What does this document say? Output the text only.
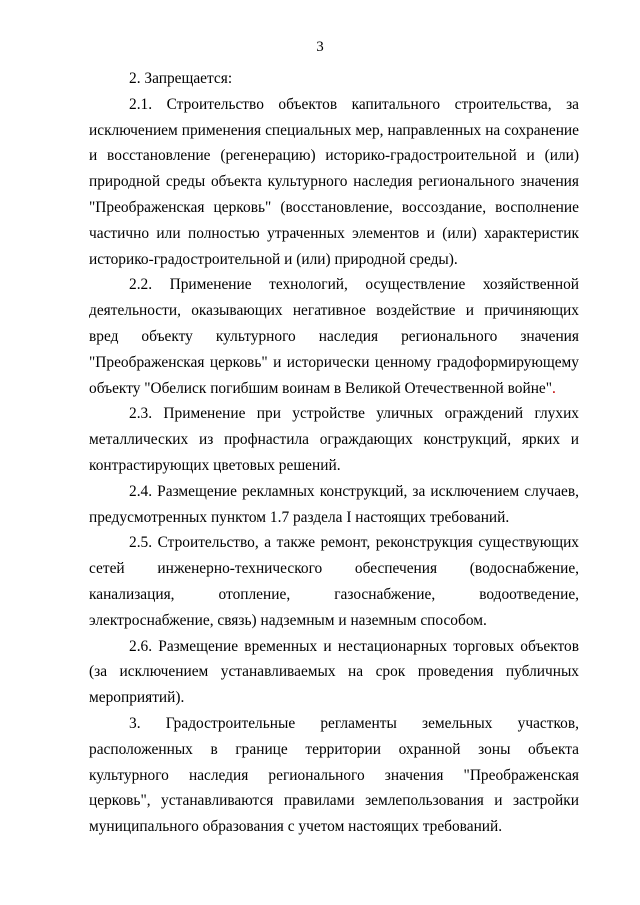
3

2. Запрещается:

2.1. Строительство объектов капитального строительства, за исключением применения специальных мер, направленных на сохранение и восстановление (регенерацию) историко-градостроительной и (или) природной среды объекта культурного наследия регионального значения "Преображенская церковь" (восстановление, воссоздание, восполнение частично или полностью утраченных элементов и (или) характеристик историко-градостроительной и (или) природной среды).

2.2. Применение технологий, осуществление хозяйственной деятельности, оказывающих негативное воздействие и причиняющих вред объекту культурного наследия регионального значения "Преображенская церковь" и исторически ценному градоформирующему объекту "Обелиск погибшим воинам в Великой Отечественной войне".

2.3. Применение при устройстве уличных ограждений глухих металлических из профнастила ограждающих конструкций, ярких и контрастирующих цветовых решений.

2.4. Размещение рекламных конструкций, за исключением случаев, предусмотренных пунктом 1.7 раздела I настоящих требований.

2.5. Строительство, а также ремонт, реконструкция существующих сетей инженерно-технического обеспечения (водоснабжение, канализация, отопление, газоснабжение, водоотведение, электроснабжение, связь) надземным и наземным способом.

2.6. Размещение временных и нестационарных торговых объектов (за исключением устанавливаемых на срок проведения публичных мероприятий).

3. Градостроительные регламенты земельных участков, расположенных в границе территории охранной зоны объекта культурного наследия регионального значения "Преображенская церковь", устанавливаются правилами землепользования и застройки муниципального образования с учетом настоящих требований.
